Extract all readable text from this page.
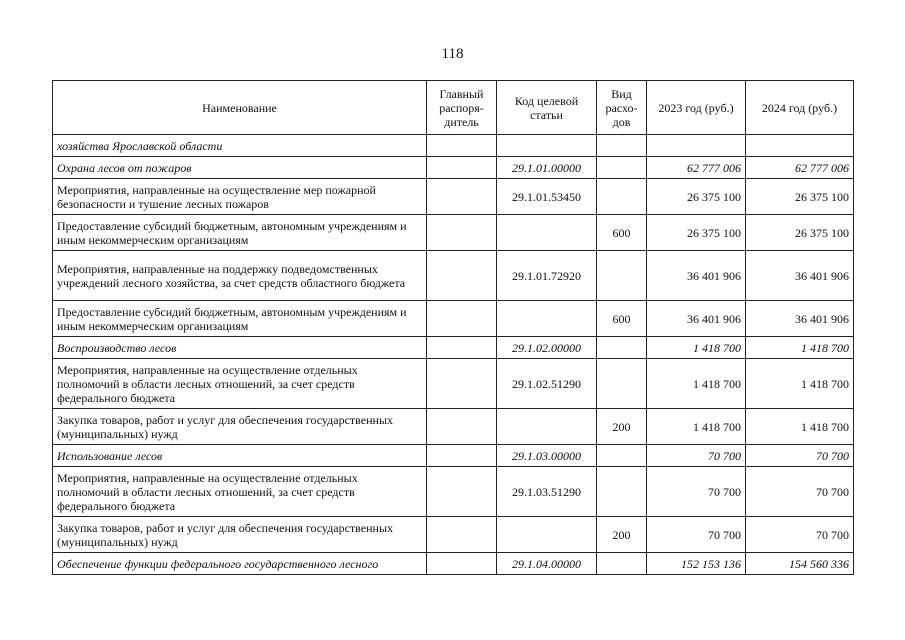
118
Наименование	Главный распоря-дитель	Код целевой статьи	Вид расхо-дов	2023 год (руб.)	2024 год (руб.)
хозяйства Ярославской области					
Охрана лесов от пожаров		29.1.01.00000		62 777 006	62 777 006
Мероприятия, направленные на осуществление мер пожарной безопасности и тушение лесных пожаров		29.1.01.53450		26 375 100	26 375 100
Предоставление субсидий бюджетным, автономным учреждениям и иным некоммерческим организациям			600	26 375 100	26 375 100
Мероприятия, направленные на поддержку подведомственных учреждений лесного хозяйства, за счет средств областного бюджета		29.1.01.72920		36 401 906	36 401 906
Предоставление субсидий бюджетным, автономным учреждениям и иным некоммерческим организациям			600	36 401 906	36 401 906
Воспроизводство лесов		29.1.02.00000		1 418 700	1 418 700
Мероприятия, направленные на осуществление отдельных полномочий в области лесных отношений, за счет средств федерального бюджета		29.1.02.51290		1 418 700	1 418 700
Закупка товаров, работ и услуг для обеспечения государственных (муниципальных) нужд			200	1 418 700	1 418 700
Использование лесов		29.1.03.00000		70 700	70 700
Мероприятия, направленные на осуществление отдельных полномочий в области лесных отношений, за счет средств федерального бюджета		29.1.03.51290		70 700	70 700
Закупка товаров, работ и услуг для обеспечения государственных (муниципальных) нужд			200	70 700	70 700
Обеспечение функции федерального государственного лесного		29.1.04.00000		152 153 136	154 560 336
